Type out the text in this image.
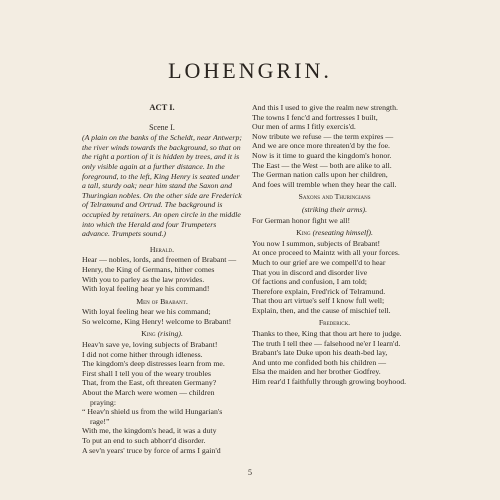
LOHENGRIN.
ACT I.
Scene I.
(A plain on the banks of the Scheldt, near Antwerp; the river winds towards the background, so that on the right a portion of it is hidden by trees, and it is only visible again at a further distance. In the foreground, to the left, King Henry is seated under a tall, sturdy oak; near him stand the Saxon and Thuringian nobles. On the other side are Frederick of Telramund and Ortrud. The background is occupied by retainers. An open circle in the middle into which the Herald and four Trumpeters advance. Trumpets sound.)
Herald.
Hear — nobles, lords, and freemen of Brabant —
Henry, the King of Germans, hither comes
With you to parley as the law provides.
With loyal feeling hear ye his command!
Men of Brabant.
With loyal feeling hear we his command;
So welcome, King Henry! welcome to Brabant!
King (rising).
Heav'n save ye, loving subjects of Brabant!
I did not come hither through idleness.
The kingdom's deep distresses learn from me.
First shall I tell you of the weary troubles
That, from the East, oft threaten Germany?
About the March were women — children praying:
“ Heav'n shield us from the wild Hungarian's rage!”
With me, the kingdom's head, it was a duty
To put an end to such abhorr'd disorder.
A sev'n years' truce by force of arms I gain'd
And this I used to give the realm new strength.
The towns I fenc'd and fortresses I built,
Our men of arms I fitly exercis'd.
Now tribute we refuse — the term expires —
And we are once more threaten'd by the foe.
Now is it time to guard the kingdom's honor.
The East — the West — both are alike to all.
The German nation calls upon her children,
And foes will tremble when they hear the call.
Saxons and Thuringians
(striking their arms).
For German honor fight we all!
King (reseating himself).
You now I summon, subjects of Brabant!
At once proceed to Maintz with all your forces.
Much to our grief are we compell'd to hear
That you in discord and disorder live
Of factions and confusion, I am told;
Therefore explain, Fred'rick of Telramund.
That thou art virtue's self I know full well;
Explain, then, and the cause of mischief tell.
Frederick.
Thanks to thee, King that thou art here to judge.
The truth I tell thee — falsehood ne'er I learn'd.
Brabant's late Duke upon his death-bed lay,
And unto me confided both his children —
Elsa the maiden and her brother Godfrey.
Him rear'd I faithfully through growing boyhood.
5
